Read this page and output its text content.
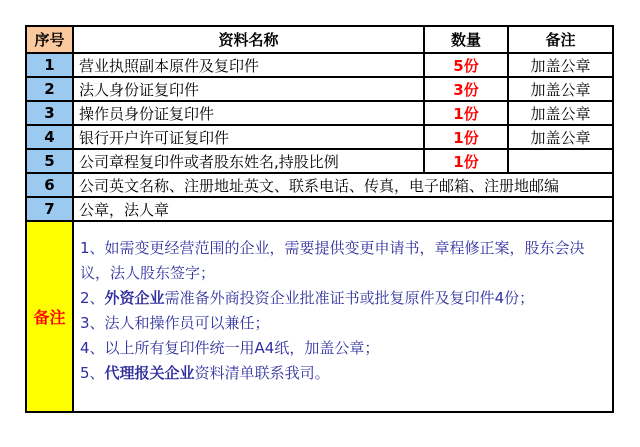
序号	资料名称	数量	备注
1	营业执照副本原件及复印件	5份	加盖公章
2	法人身份证复印件	3份	加盖公章
3	操作员身份证复印件	1份	加盖公章
4	银行开户许可证复印件	1份	加盖公章
5	公司章程复印件或者股东姓名,持股比例	1份	
6	公司英文名称、注册地址英文、联系电话、传真，电子邮箱、注册地邮编		
7	公章，法人章		
备注	1、如需变更经营范围的企业，需要提供变更申请书，章程修正案，股东会决议，法人股东签字；
2、外资企业需准备外商投资企业批准证书或批复原件及复印件4份；
3、法人和操作员可以兼任；
4、以上所有复印件统一用A4纸，加盖公章；
5、代理报关企业资料清单联系我司。		
